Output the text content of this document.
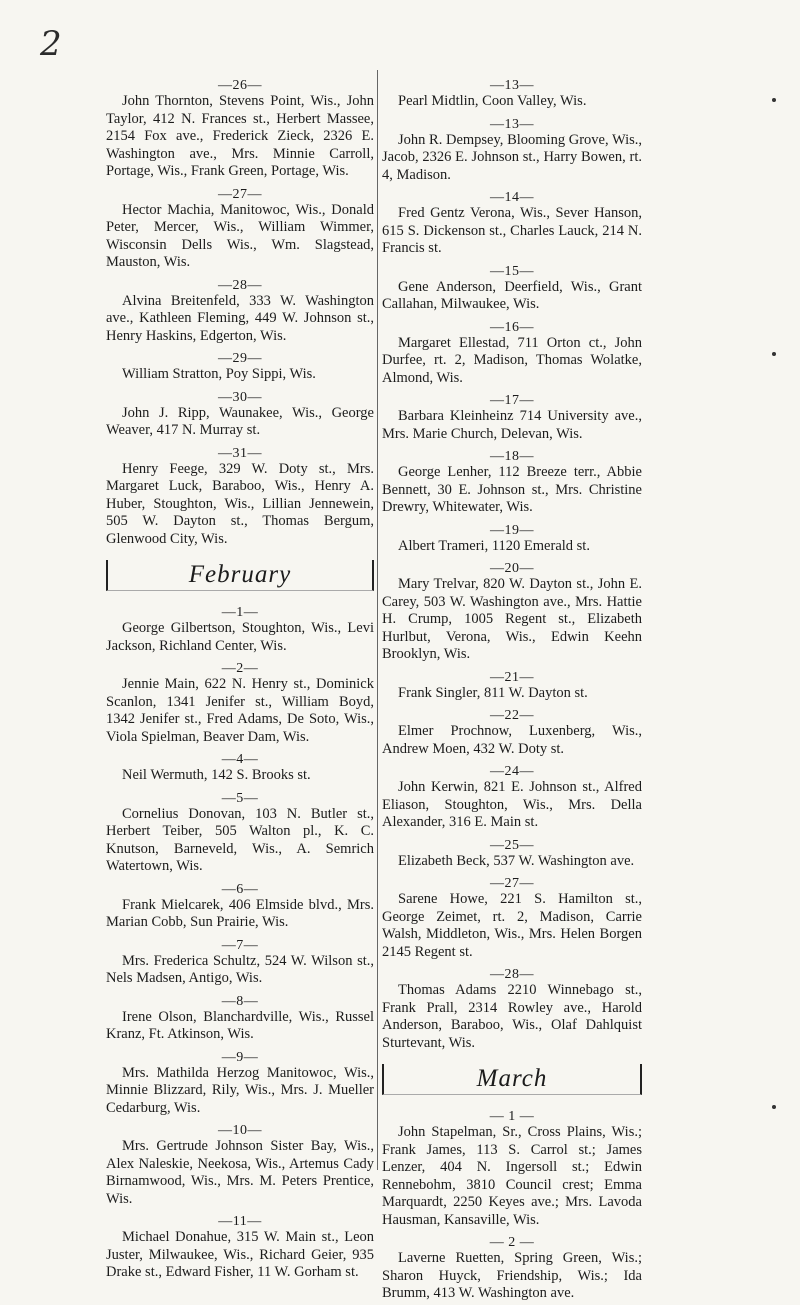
2
—26—

John Thornton, Stevens Point, Wis., John Taylor, 412 N. Frances st., Herbert Massee, 2154 Fox ave., Frederick Zieck, 2326 E. Washington ave., Mrs. Minnie Carroll, Portage, Wis., Frank Green, Portage, Wis.

—27—

Hector Machia, Manitowoc, Wis., Donald Peter, Mercer, Wis., William Wimmer, Wisconsin Dells Wis., Wm. Slagstead, Mauston, Wis.

—28—

Alvina Breitenfeld, 333 W. Washington ave., Kathleen Fleming, 449 W. Johnson st., Henry Haskins, Edgerton, Wis.

—29—

William Stratton, Poy Sippi, Wis.

—30—

John J. Ripp, Waunakee, Wis., George Weaver, 417 N. Murray st.

—31—

Henry Feege, 329 W. Doty st., Mrs. Margaret Luck, Baraboo, Wis., Henry A. Huber, Stoughton, Wis., Lillian Jennewein, 505 W. Dayton st., Thomas Bergum, Glenwood City, Wis.

February
—1—

George Gilbertson, Stoughton, Wis., Levi Jackson, Richland Center, Wis.

—2—

Jennie Main, 622 N. Henry st., Dominick Scanlon, 1341 Jenifer st., William Boyd, 1342 Jenifer st., Fred Adams, De Soto, Wis., Viola Spielman, Beaver Dam, Wis.

—4—

Neil Wermuth, 142 S. Brooks st.

—5—

Cornelius Donovan, 103 N. Butler st., Herbert Teiber, 505 Walton pl., K. C. Knutson, Barneveld, Wis., A. Semrich Watertown, Wis.

—6—

Frank Mielcarek, 406 Elmside blvd., Mrs. Marian Cobb, Sun Prairie, Wis.

—7—

Mrs. Frederica Schultz, 524 W. Wilson st., Nels Madsen, Antigo, Wis.

—8—

Irene Olson, Blanchardville, Wis., Russel Kranz, Ft. Atkinson, Wis.

—9—

Mrs. Mathilda Herzog Manitowoc, Wis., Minnie Blizzard, Rily, Wis., Mrs. J. Mueller Cedarburg, Wis.

—10—

Mrs. Gertrude Johnson Sister Bay, Wis., Alex Naleskie, Neekosa, Wis., Artemus Cady Birnamwood, Wis., Mrs. M. Peters Prentice, Wis.

—11—

Michael Donahue, 315 W. Main st., Leon Juster, Milwaukee, Wis., Richard Geier, 935 Drake st., Edward Fisher, 11 W. Gorham st.

—13—

Pearl Midtlin, Coon Valley, Wis.

—13—

John R. Dempsey, Blooming Grove, Wis., Jacob, 2326 E. Johnson st., Harry Bowen, rt. 4, Madison.

—14—

Fred Gentz Verona, Wis., Sever Hanson, 615 S. Dickenson st., Charles Lauck, 214 N. Francis st.

—15—

Gene Anderson, Deerfield, Wis., Grant Callahan, Milwaukee, Wis.

—16—

Margaret Ellestad, 711 Orton ct., John Durfee, rt. 2, Madison, Thomas Wolatke, Almond, Wis.

—17—

Barbara Kleinheinz 714 University ave., Mrs. Marie Church, Delevan, Wis.

—18—

George Lenher, 112 Breeze terr., Abbie Bennett, 30 E. Johnson st., Mrs. Christine Drewry, Whitewater, Wis.

—19—

Albert Trameri, 1120 Emerald st.

—20—

Mary Trelvar, 820 W. Dayton st., John E. Carey, 503 W. Washington ave., Mrs. Hattie H. Crump, 1005 Regent st., Elizabeth Hurlbut, Verona, Wis., Edwin Keehn Brooklyn, Wis.

—21—

Frank Singler, 811 W. Dayton st.

—22—

Elmer Prochnow, Luxenberg, Wis., Andrew Moen, 432 W. Doty st.

—24—

John Kerwin, 821 E. Johnson st., Alfred Eliason, Stoughton, Wis., Mrs. Della Alexander, 316 E. Main st.

—25—

Elizabeth Beck, 537 W. Washington ave.

—27—

Sarene Howe, 221 S. Hamilton st., George Zeimet, rt. 2, Madison, Carrie Walsh, Middleton, Wis., Mrs. Helen Borgen 2145 Regent st.

—28—

Thomas Adams 2210 Winnebago st., Frank Prall, 2314 Rowley ave., Harold Anderson, Baraboo, Wis., Olaf Dahlquist Sturtevant, Wis.

March
— 1 —

John Stapelman, Sr., Cross Plains, Wis.; Frank James, 113 S. Carrol st.; James Lenzer, 404 N. Ingersoll st.; Edwin Rennebohm, 3810 Council crest; Emma Marquardt, 2250 Keyes ave.; Mrs. Lavoda Hausman, Kansaville, Wis.

— 2 —

Laverne Ruetten, Spring Green, Wis.; Sharon Huyck, Friendship, Wis.; Ida Brumm, 413 W. Washington ave.
